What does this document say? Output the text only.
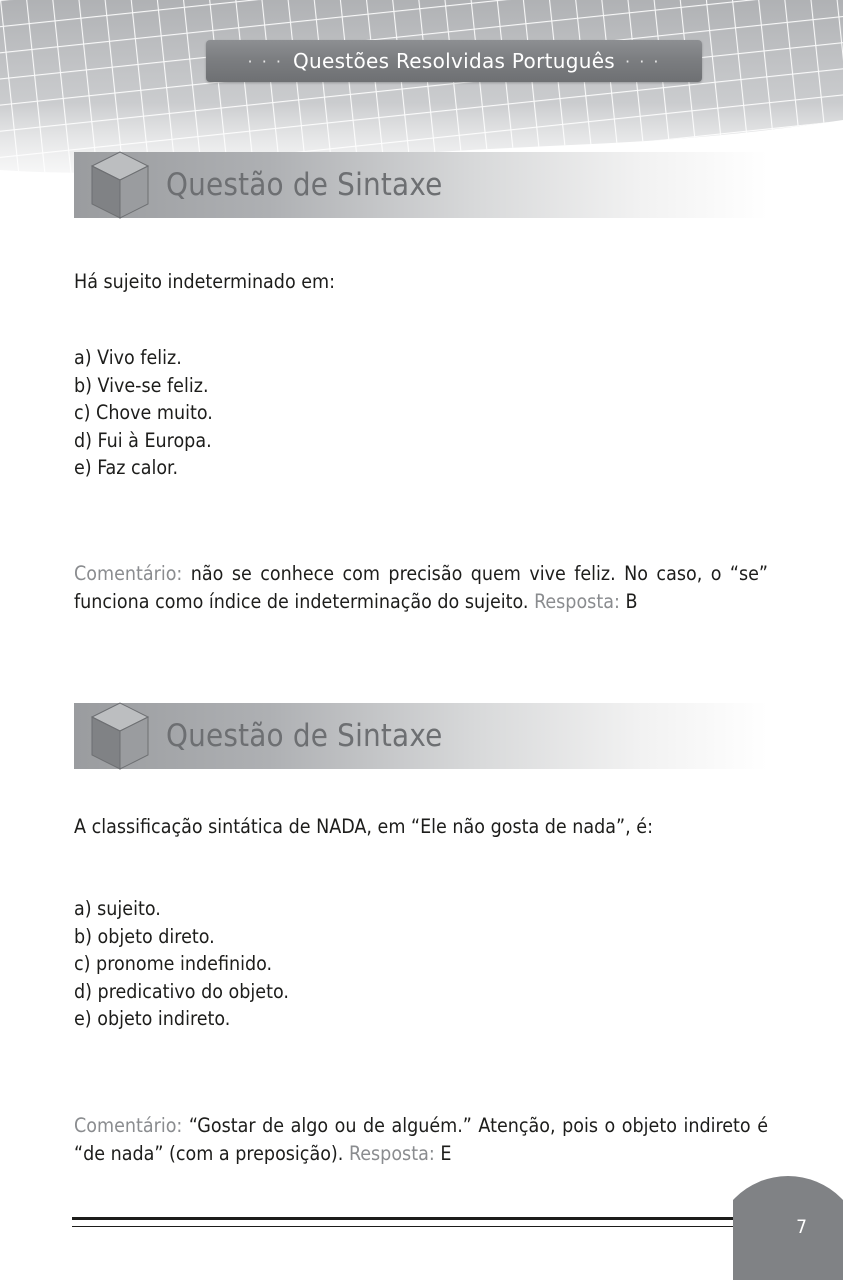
· · · Questões Resolvidas Português · · ·
Questão de Sintaxe
Há sujeito indeterminado em:
a) Vivo feliz.
b) Vive-se feliz.
c) Chove muito.
d) Fui à Europa.
e) Faz calor.
Comentário: não se conhece com precisão quem vive feliz. No caso, o “se” funciona como índice de indeterminação do sujeito. Resposta: B
Questão de Sintaxe
A classificação sintática de NADA, em “Ele não gosta de nada”, é:
a) sujeito.
b) objeto direto.
c) pronome indefinido.
d) predicativo do objeto.
e) objeto indireto.
Comentário: “Gostar de algo ou de alguém.” Atenção, pois o objeto indireto é “de nada” (com a preposição). Resposta: E
7
